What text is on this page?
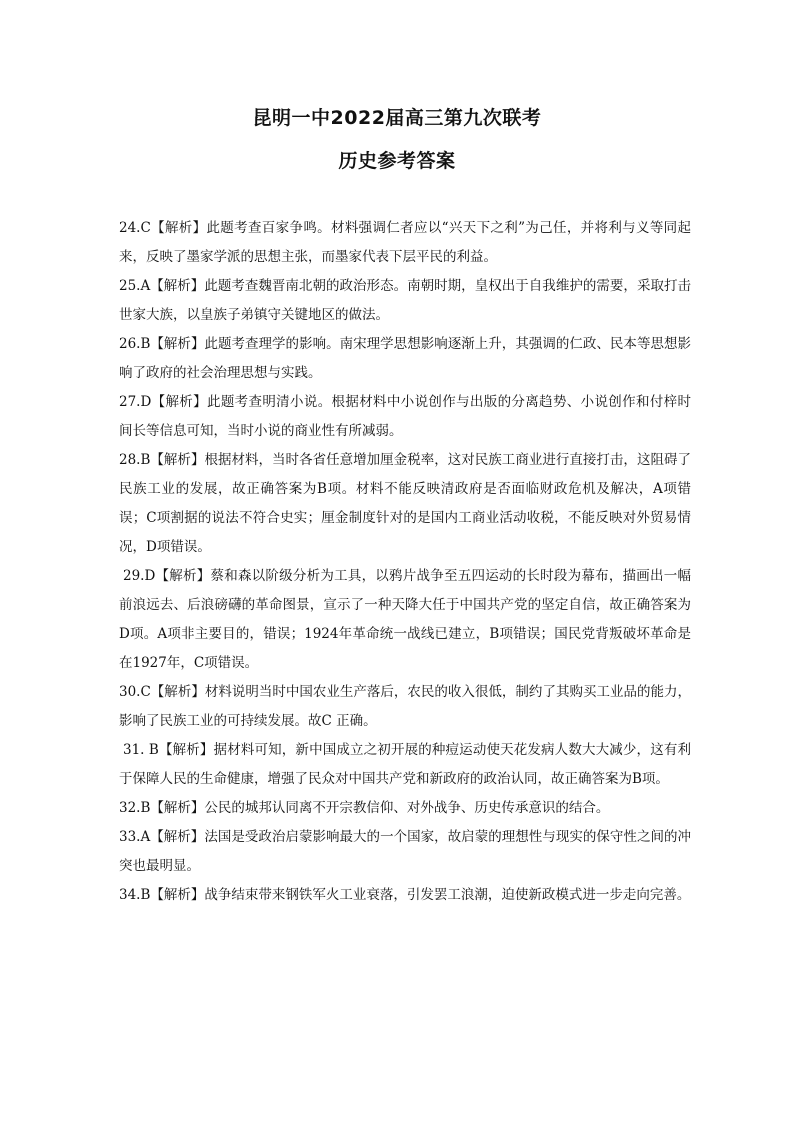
昆明一中2022届高三第九次联考
历史参考答案

24.C【解析】此题考查百家争鸣。材料强调仁者应以“兴天下之利”为己任，并将利与义等同起来，反映了墨家学派的思想主张，而墨家代表下层平民的利益。

25.A【解析】此题考查魏晋南北朝的政治形态。南朝时期，皇权出于自我维护的需要，采取打击世家大族，以皇族子弟镇守关键地区的做法。

26.B【解析】此题考查理学的影响。南宋理学思想影响逐渐上升，其强调的仁政、民本等思想影响了政府的社会治理思想与实践。

27.D【解析】此题考查明清小说。根据材料中小说创作与出版的分离趋势、小说创作和付梓时间长等信息可知，当时小说的商业性有所减弱。

28.B【解析】根据材料，当时各省任意增加厘金税率，这对民族工商业进行直接打击，这阻碍了民族工业的发展，故正确答案为B项。材料不能反映清政府是否面临财政危机及解决，A项错误；C项割据的说法不符合史实；厘金制度针对的是国内工商业活动收税，不能反映对外贸易情况，D项错误。

29.D【解析】蔡和森以阶级分析为工具，以鸦片战争至五四运动的长时段为幕布，描画出一幅前浪远去、后浪磅礴的革命图景，宣示了一种天降大任于中国共产党的坚定自信，故正确答案为D项。A项非主要目的，错误；1924年革命统一战线已建立，B项错误；国民党背叛破坏革命是在1927年，C项错误。

30.C【解析】材料说明当时中国农业生产落后，农民的收入很低，制约了其购买工业品的能力，影响了民族工业的可持续发展。故C 正确。

31. B【解析】据材料可知，新中国成立之初开展的种痘运动使天花发病人数大大减少，这有利于保障人民的生命健康，增强了民众对中国共产党和新政府的政治认同，故正确答案为B项。

32.B【解析】公民的城邦认同离不开宗教信仰、对外战争、历史传承意识的结合。

33.A【解析】法国是受政治启蒙影响最大的一个国家，故启蒙的理想性与现实的保守性之间的冲突也最明显。

34.B【解析】战争结束带来钢铁军火工业衰落，引发罢工浪潮，迫使新政模式进一步走向完善。
